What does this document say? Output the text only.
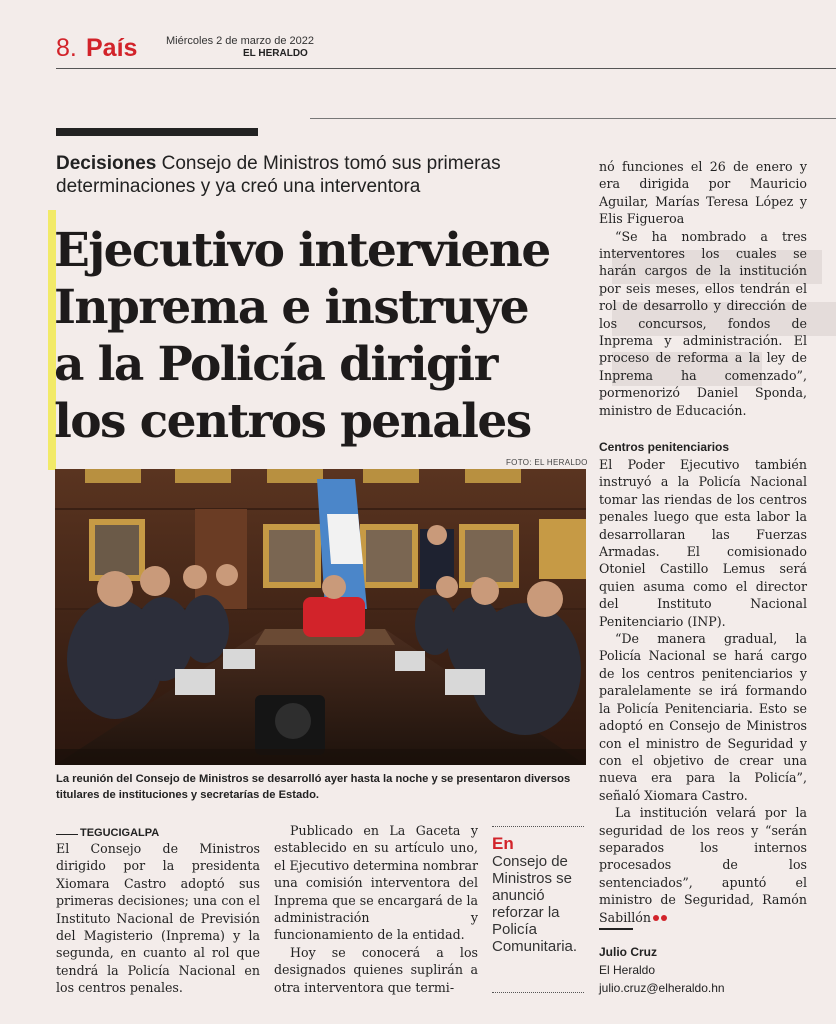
8. País	Miércoles 2 de marzo de 2022
EL HERALDO
Decisiones Consejo de Ministros tomó sus primeras determinaciones y ya creó una interventora
Ejecutivo interviene
Inprema e instruye
a la Policía dirigir
los centros penales
FOTO: EL HERALDO
La reunión del Consejo de Ministros se desarrolló ayer hasta la noche y se presentaron diversos titulares de instituciones y secretarías de Estado.
TEGUCIGALPA

El Consejo de Ministros dirigido por la presidenta Xiomara Castro adoptó sus primeras decisiones; una con el Instituto Nacional de Previsión del Magisterio (Inprema) y la segunda, en cuanto al rol que tendrá la Policía Nacional en los centros penales.

Publicado en La Gaceta y establecido en su artículo uno, el Ejecutivo determina nombrar una comisión interventora del Inprema que se encargará de la administración y funcionamiento de la entidad.

Hoy se conocerá a los designados quienes suplirán a otra interventora que termi-

En
Consejo de Ministros se anunció reforzar la Policía Comunitaria.

nó funciones el 26 de enero y era dirigida por Mauricio Aguilar, Marías Teresa López y Elis Figueroa

“Se ha nombrado a tres interventores los cuales se harán cargos de la institución por seis meses, ellos tendrán el rol de desarrollo y dirección de los concursos, fondos de Inprema y administración. El proceso de reforma a la ley de Inprema ha comenzado”, pormenorizó Daniel Sponda, ministro de Educación.

Centros penitenciarios

El Poder Ejecutivo también instruyó a la Policía Nacional tomar las riendas de los centros penales luego que esta labor la desarrollaran las Fuerzas Armadas. El comisionado Otoniel Castillo Lemus será quien asuma como el director del Instituto Nacional Penitenciario (INP).

“De manera gradual, la Policía Nacional se hará cargo de los centros penitenciarios y paralelamente se irá formando la Policía Penitenciaria. Esto se adoptó en Consejo de Ministros con el ministro de Seguridad y con el objetivo de crear una nueva era para la Policía”, señaló Xiomara Castro.

La institución velará por la seguridad de los reos y “serán separados los internos procesados de los sentenciados”, apuntó el ministro de Seguridad, Ramón Sabillón

Julio Cruz
El Heraldo
julio.cruz@elheraldo.hn
